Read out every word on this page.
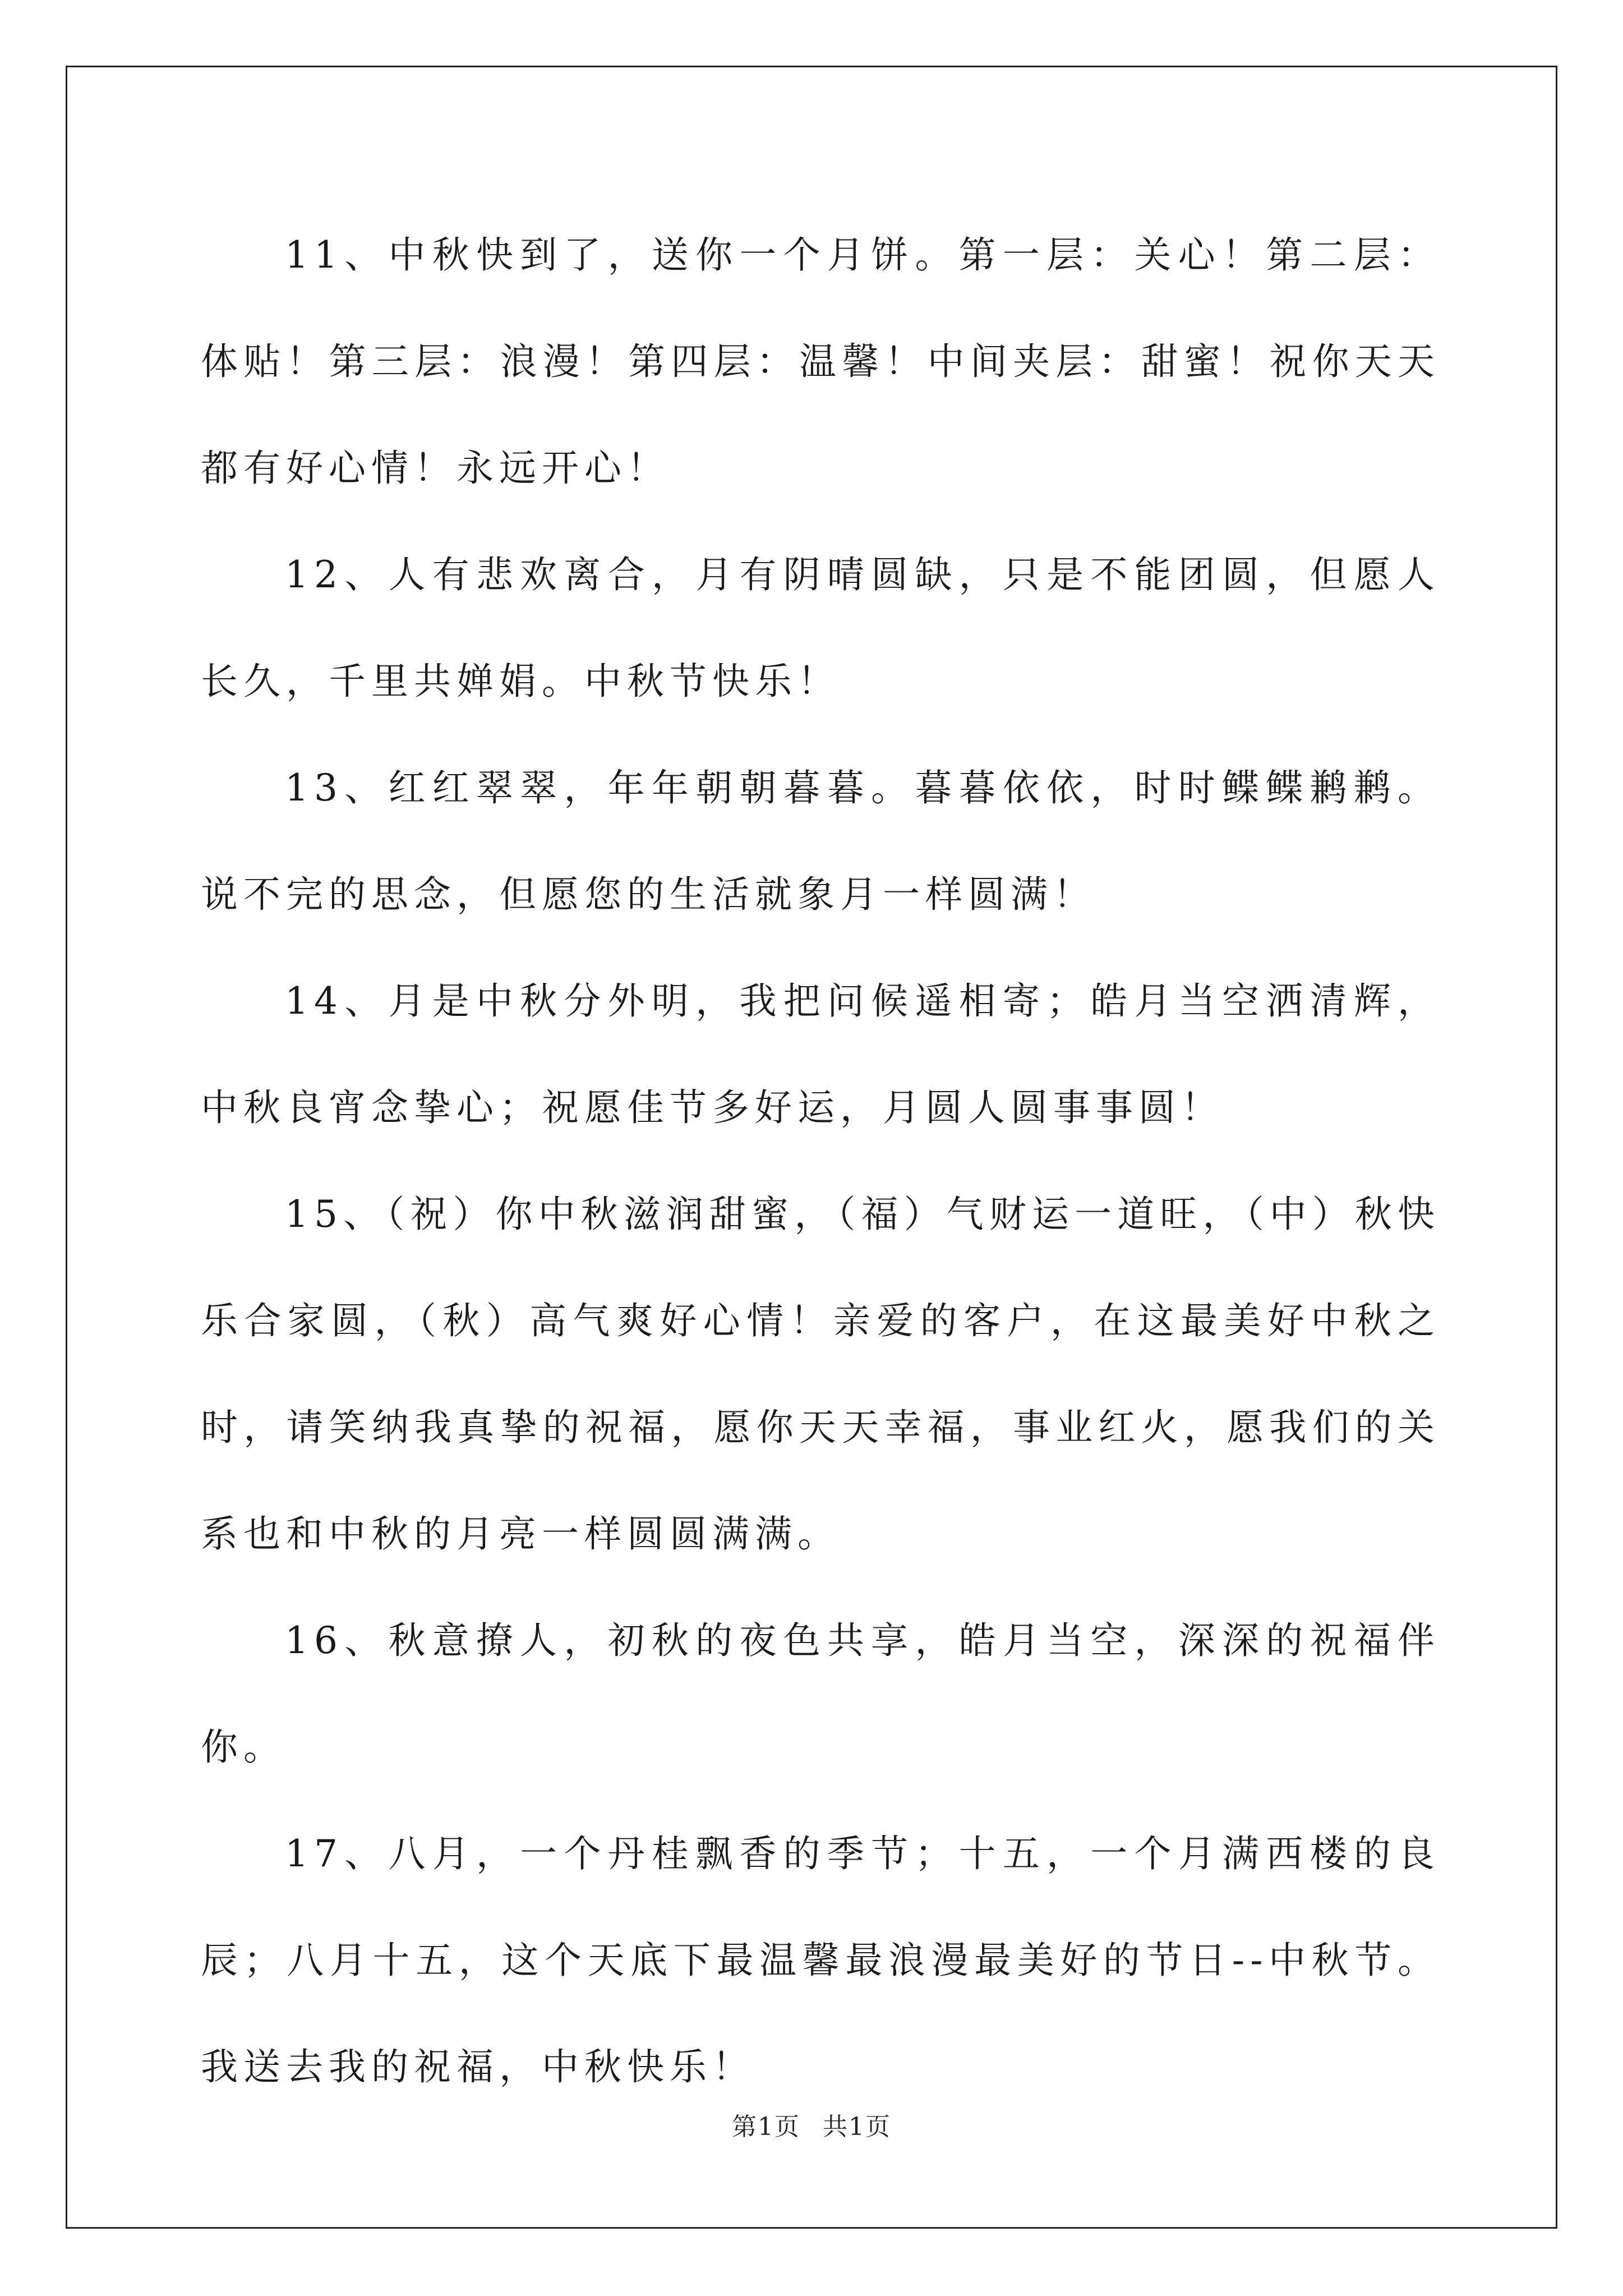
11、中秋快到了，送你一个月饼。第一层：关心！第二层：体贴！第三层：浪漫！第四层：温馨！中间夹层：甜蜜！祝你天天都有好心情！永远开心！

12、人有悲欢离合，月有阴晴圆缺，只是不能团圆，但愿人长久，千里共婵娟。中秋节快乐！

13、红红翠翠，年年朝朝暮暮。暮暮依依，时时鲽鲽鹣鹣。说不完的思念，但愿您的生活就象月一样圆满！

14、月是中秋分外明，我把问候遥相寄；皓月当空洒清辉，中秋良宵念挚心；祝愿佳节多好运，月圆人圆事事圆！

15、（祝）你中秋滋润甜蜜，（福）气财运一道旺，（中）秋快乐合家圆，（秋）高气爽好心情！亲爱的客户，在这最美好中秋之时，请笑纳我真挚的祝福，愿你天天幸福，事业红火，愿我们的关系也和中秋的月亮一样圆圆满满。

16、秋意撩人，初秋的夜色共享，皓月当空，深深的祝福伴你。

17、八月，一个丹桂飘香的季节；十五，一个月满西楼的良辰；八月十五，这个天底下最温馨最浪漫最美好的节日--中秋节。我送去我的祝福，中秋快乐！

第1页 共1页
